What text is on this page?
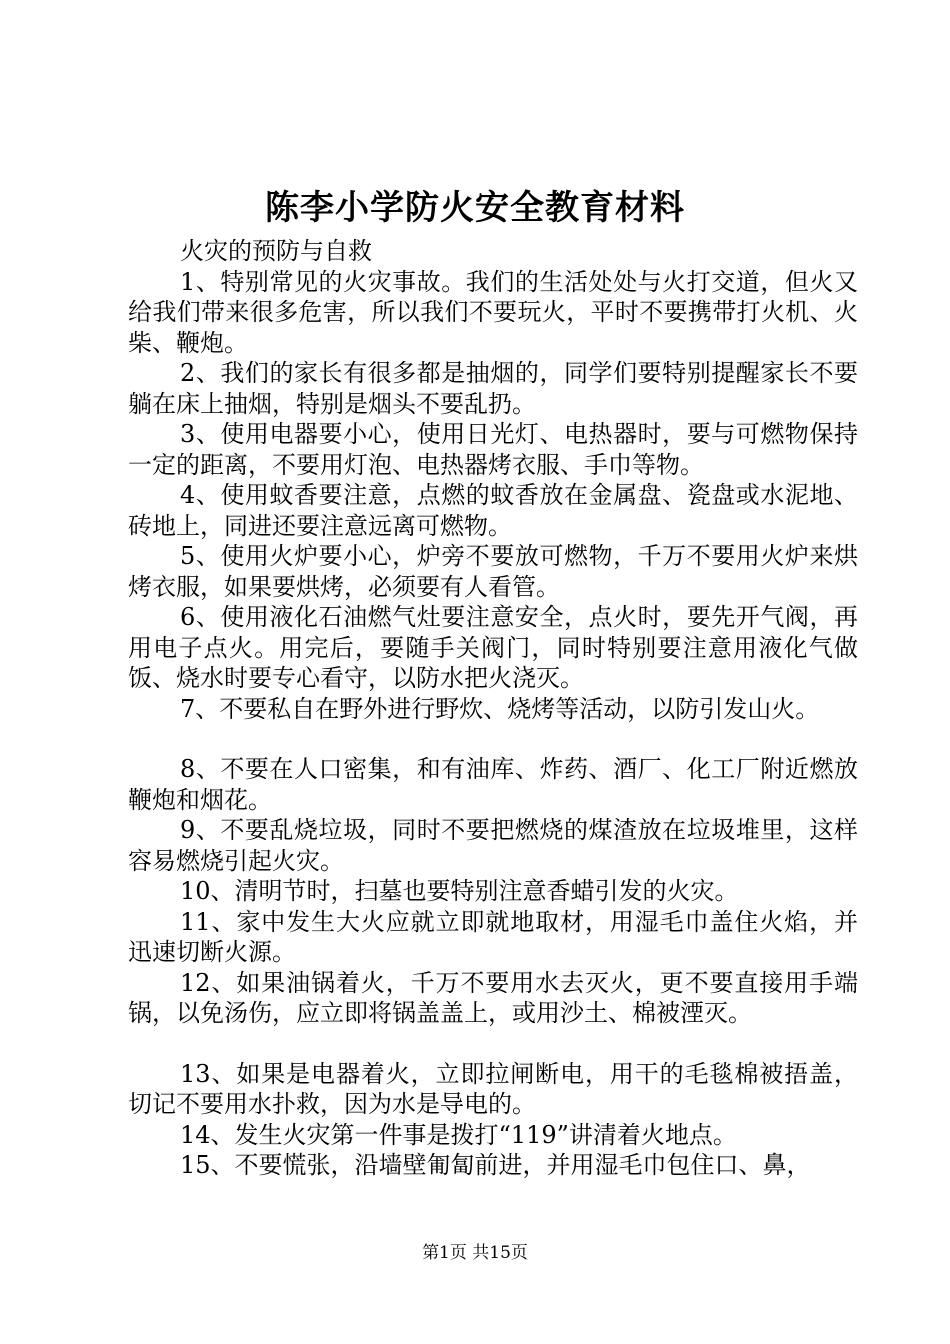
陈李小学防火安全教育材料

火灾的预防与自救

1、特别常见的火灾事故。我们的生活处处与火打交道，但火又给我们带来很多危害，所以我们不要玩火，平时不要携带打火机、火柴、鞭炮。

2、我们的家长有很多都是抽烟的，同学们要特别提醒家长不要躺在床上抽烟，特别是烟头不要乱扔。

3、使用电器要小心，使用日光灯、电热器时，要与可燃物保持一定的距离，不要用灯泡、电热器烤衣服、手巾等物。

4、使用蚊香要注意，点燃的蚊香放在金属盘、瓷盘或水泥地、砖地上，同进还要注意远离可燃物。

5、使用火炉要小心，炉旁不要放可燃物，千万不要用火炉来烘烤衣服，如果要烘烤，必须要有人看管。

6、使用液化石油燃气灶要注意安全，点火时，要先开气阀，再用电子点火。用完后，要随手关阀门，同时特别要注意用液化气做饭、烧水时要专心看守，以防水把火浇灭。

7、不要私自在野外进行野炊、烧烤等活动，以防引发山火。

8、不要在人口密集，和有油库、炸药、酒厂、化工厂附近燃放鞭炮和烟花。

9、不要乱烧垃圾，同时不要把燃烧的煤渣放在垃圾堆里，这样容易燃烧引起火灾。

10、清明节时，扫墓也要特别注意香蜡引发的火灾。

11、家中发生大火应就立即就地取材，用湿毛巾盖住火焰，并迅速切断火源。

12、如果油锅着火，千万不要用水去灭火，更不要直接用手端锅，以免汤伤，应立即将锅盖盖上，或用沙土、棉被湮灭。

13、如果是电器着火，立即拉闸断电，用干的毛毯棉被捂盖，切记不要用水扑救，因为水是导电的。

14、发生火灾第一件事是拨打“119”讲清着火地点。

15、不要慌张，沿墙壁匍匐前进，并用湿毛巾包住口、鼻，

第1页 共15页
